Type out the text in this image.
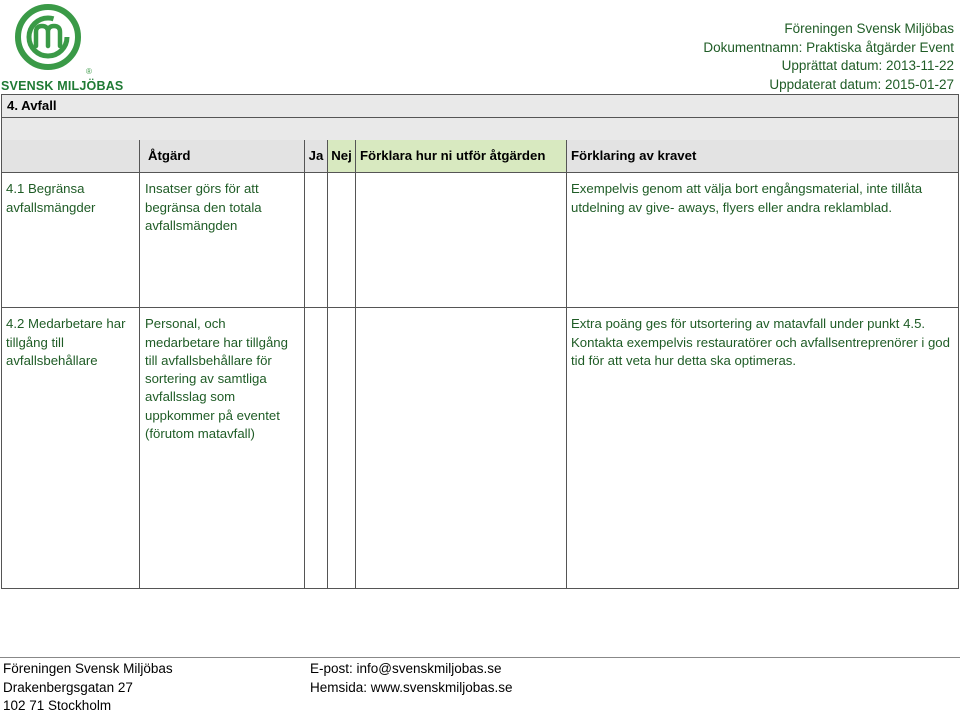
®
SVENSK MILJÖBAS
Föreningen Svensk Miljöbas
Dokumentnamn: Praktiska åtgärder Event
Upprättat datum: 2013-11-22
Uppdaterat datum: 2015-01-27
4. Avfall					

	Åtgärd	Ja	Nej	Förklara hur ni utför åtgärden	Förklaring av kravet
4.1 Begränsa avfallsmängder	Insatser görs för att begränsa den totala avfallsmängden				Exempelvis genom att välja bort engångsmaterial, inte tillåta utdelning av give- aways, flyers eller andra reklamblad.
4.2 Medarbetare har tillgång till avfallsbehållare	Personal, och medarbetare har tillgång till avfallsbehållare för sortering av samtliga avfallsslag som uppkommer på eventet (förutom matavfall)				Extra poäng ges för utsortering av matavfall under punkt 4.5. Kontakta exempelvis restauratörer och avfallsentreprenörer i god tid för att veta hur detta ska optimeras.
Föreningen Svensk Miljöbas
Drakenbergsgatan 27
102 71 Stockholm
E-post: info@svenskmiljobas.se
Hemsida: www.svenskmiljobas.se
